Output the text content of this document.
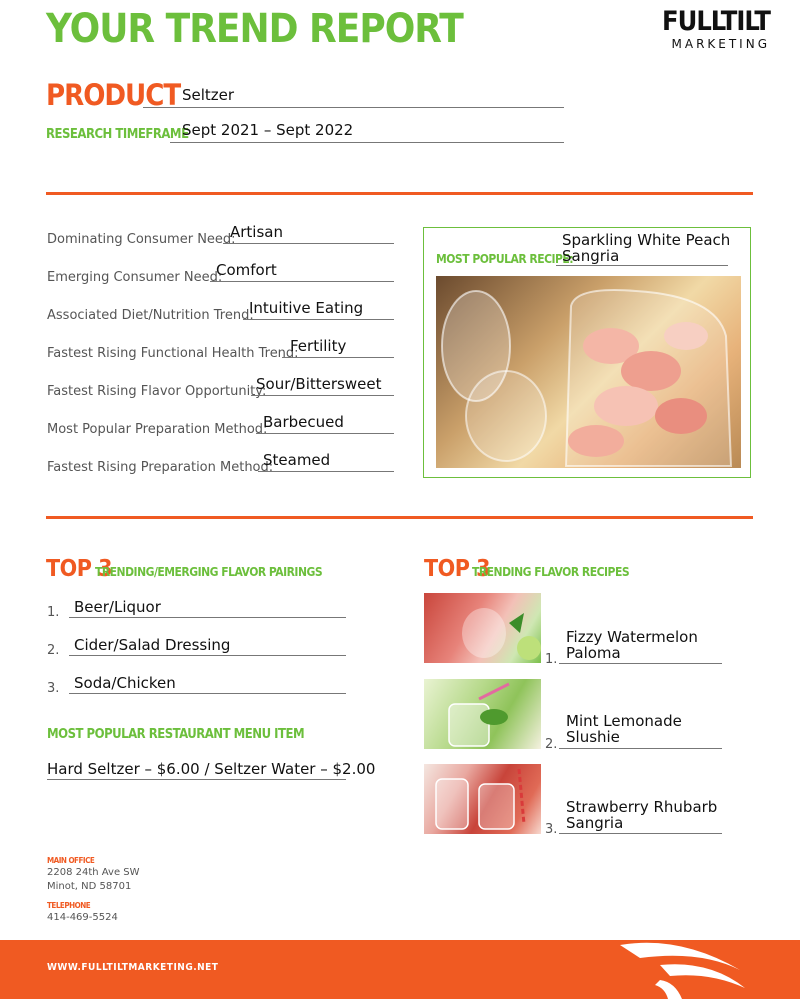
YOUR TREND REPORT	FULLTILT
MARKETING
PRODUCT Seltzer
RESEARCH TIMEFRAME
Sept 2021 – Sept 2022
Dominating Consumer Need:
Artisan
Emerging Consumer Need:
Comfort
Associated Diet/Nutrition Trend:
Intuitive Eating
Fastest Rising Functional Health Trend:
Fertility
Fastest Rising Flavor Opportunity:
Sour/Bittersweet
Most Popular Preparation Method:
Barbecued
Fastest Rising Preparation Method:
Steamed
MOST POPULAR RECIPE:
Sparkling White Peach
Sangria
TOP 3
TRENDING/EMERGING FLAVOR PAIRINGS
1. Beer/Liquor
2. Cider/Salad Dressing
3. Soda/Chicken
MOST POPULAR RESTAURANT MENU ITEM
Hard Seltzer – $6.00 / Seltzer Water – $2.00
TOP 3
TRENDING FLAVOR RECIPES
1.
Fizzy Watermelon
Paloma
2.
Mint Lemonade
Slushie
3.
Strawberry Rhubarb
Sangria
MAIN OFFICE
2208 24th Ave SW
Minot, ND 58701
TELEPHONE
414-469-5524
WWW.FULLTILTMARKETING.NET
